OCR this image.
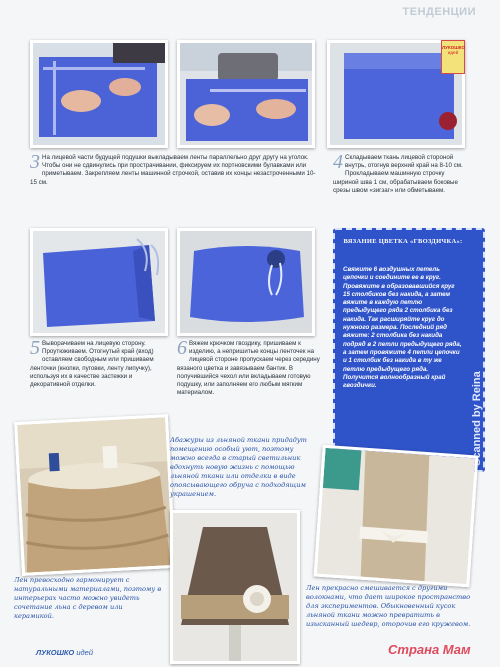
ТЕНДЕНЦИИ
ЛУКОШКО
идей
3 На лицевой части будущей подушки выкладываем ленты параллельно друг другу на уголок. Чтобы они не сдвинулись при прострачивании, фиксируем их портновскими булавками или приметываем. Закрепляем ленты машинной строчкой, оставив их концы незастроченными 10-15 см.
4 Складываем ткань лицевой стороной внутрь, отогнув верхний край на 8-10 см. Прокладываем машинную строчку шириной шва 1 см, обрабатываем боковые срезы швом «зигзаг» или обметываем.
5 Выворачиваем на лицевую сторону. Проутюживаем. Отогнутый край (вход) оставляем свободным или пришиваем ленточки (кнопки, пуговки, ленту липучку), используя их в качестве застежки и декоративной отделки.
6 Вяжем крючком гвоздику, пришиваем к изделию, а непришитые концы ленточек на лицевой стороне пропускаем через середину вязаного цветка и завязываем бантик. В получившийся чехол или вкладываем готовую подушку, или заполняем его любым мягким материалом.
ВЯЗАНИЕ ЦВЕТКА «ГВОЗДИЧКА»:
Свяжите 6 воздушных петель цепочки и соедините ее в круг. Провяжите в образовавшийся круг 15 столбиков без накида, а затем вяжите в каждую петлю предыдущего ряда 2 столбика без накида. Так расширяйте круг до нужного размера. Последний ряд вяжите: 2 столбика без накида подряд в 2 петли предыдущего ряда, а затем провяжите 4 петли цепочки и 1 столбик без накида в ту же петлю предыдущего ряда. Получится волнообразный край гвоздички.	Scanned by Reina
Абажуры из льняной ткани придадут помещению особый уют, поэтому можно всегда в старый светильник вдохнуть новую жизнь с помощью льняной ткани или отделки в виде опоясывающего обруча с подходящим украшением.
Лен превосходно гармонирует с натуральными материалами, поэтому в интерьерах часто можно увидеть сочетание льна с деревом или керамикой.
Лен прекрасно смешивается с другими волокнами, что дает широкое пространство для экспериментов. Обыкновенный кусок льняной ткани можно превратить в изысканный шедевр, оторочив его кружевом.
ЛУКОШКО идей	Страна Мам
